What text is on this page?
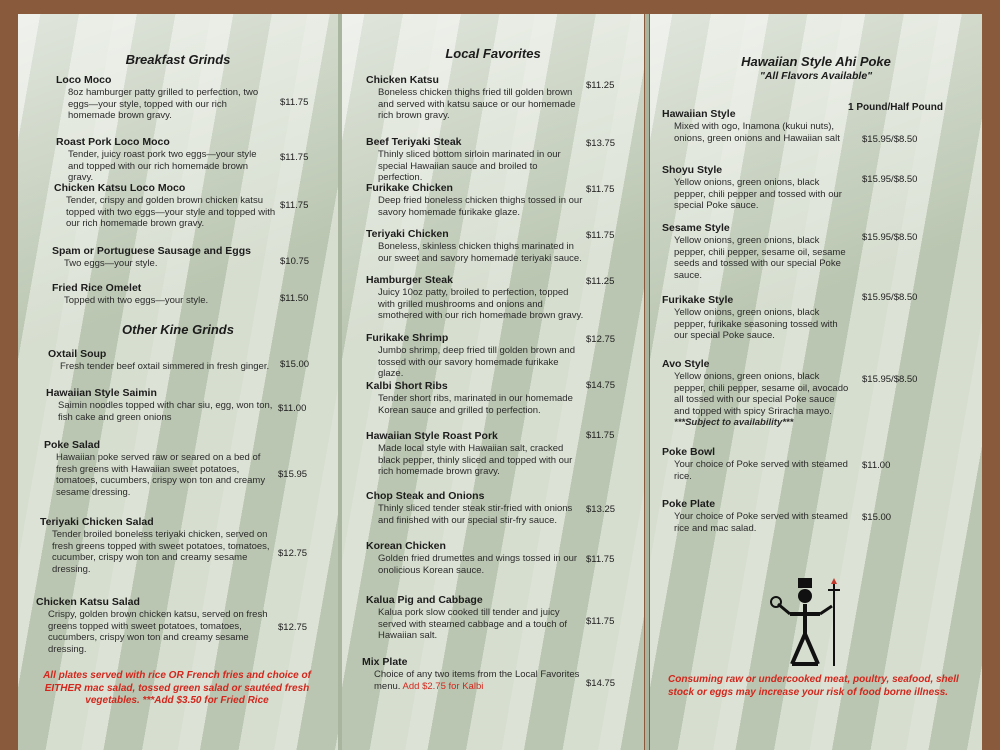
Breakfast Grinds
Loco Moco
8oz hamburger patty grilled to perfection, two eggs—your style, topped with our rich homemade brown gravy.
$11.75
Roast Pork Loco Moco
Tender, juicy roast pork two eggs—your style and topped with our rich homemade brown gravy.
$11.75
Chicken Katsu Loco Moco
Tender, crispy and golden brown chicken katsu topped with two eggs—your style and topped with our rich homemade brown gravy.
$11.75
Spam or Portuguese Sausage and Eggs
Two eggs—your style.	$10.75
Fried Rice Omelet
Topped with two eggs—your style.	$11.50
Other Kine Grinds
Oxtail Soup
Fresh tender beef oxtail simmered in fresh ginger.	$15.00
Hawaiian Style Saimin
Saimin noodles topped with char siu, egg, won ton, fish cake and green onions
$11.00
Poke Salad
Hawaiian poke served raw or seared on a bed of fresh greens with Hawaiian sweet potatoes, tomatoes, cucumbers, crispy won ton and creamy sesame dressing.
$15.95
Teriyaki Chicken Salad
Tender broiled boneless teriyaki chicken, served on fresh greens topped with sweet potatoes, tomatoes, cucumber, crispy won ton and creamy sesame dressing.
$12.75
Chicken Katsu Salad
Crispy, golden brown chicken katsu, served on fresh greens topped with sweet potatoes, tomatoes, cucumbers, crispy won ton and creamy sesame dressing.
$12.75
All plates served with rice OR French fries and choice of EITHER mac salad, tossed green salad or sautéed fresh vegetables. ***Add $3.50 for Fried Rice
Local Favorites
Chicken Katsu
Boneless chicken thighs fried till golden brown and served with katsu sauce or our homemade rich brown gravy.
$11.25
Beef Teriyaki Steak
Thinly sliced bottom sirloin marinated in our special Hawaiian sauce and broiled to perfection.
$13.75
Furikake Chicken
Deep fried boneless chicken thighs tossed in our savory homemade furikake glaze.
$11.75
Teriyaki Chicken
Boneless, skinless chicken thighs marinated in our sweet and savory homemade teriyaki sauce.
$11.75
Hamburger Steak
Juicy 10oz patty, broiled to perfection, topped with grilled mushrooms and onions and smothered with our rich homemade brown gravy.
$11.25
Furikake Shrimp
Jumbo shrimp, deep fried till golden brown and tossed with our savory homemade furikake glaze.
$12.75
Kalbi Short Ribs
Tender short ribs, marinated in our homemade Korean sauce and grilled to perfection.
$14.75
Hawaiian Style Roast Pork
Made local style with Hawaiian salt, cracked black pepper, thinly sliced and topped with our rich homemade brown gravy.
$11.75
Chop Steak and Onions
Thinly sliced tender steak stir-fried with onions and finished with our special stir-fry sauce.
$13.25
Korean Chicken
Golden fried drumettes and wings tossed in our onolicious Korean sauce.
$11.75
Kalua Pig and Cabbage
Kalua pork slow cooked till tender and juicy served with steamed cabbage and a touch of Hawaiian salt.
$11.75
Mix Plate
Choice of any two items from the Local Favorites menu. Add $2.75 for Kalbi	$14.75
Hawaiian Style Ahi Poke
"All Flavors Available"
1 Pound/Half Pound
Hawaiian Style
Mixed with ogo, Inamona (kukui nuts), onions, green onions and Hawaiian salt	$15.95/$8.50
Shoyu Style
Yellow onions, green onions, black pepper, chili pepper and tossed with our special Poke sauce.
$15.95/$8.50
Sesame Style
Yellow onions, green onions, black pepper, chili pepper, sesame oil, sesame seeds and tossed with our special Poke sauce.
$15.95/$8.50
Furikake Style
Yellow onions, green onions, black pepper, furikake seasoning tossed with our special Poke sauce.
$15.95/$8.50
Avo Style
Yellow onions, green onions, black pepper, chili pepper, sesame oil, avocado all tossed with our special Poke sauce and topped with spicy Sriracha mayo. ***Subject to availability***
$15.95/$8.50
Poke Bowl
Your choice of Poke served with steamed rice.
$11.00
Poke Plate
Your choice of Poke served with steamed rice and mac salad.
$15.00
Consuming raw or undercooked meat, poultry, seafood, shell stock or eggs may increase your risk of food borne illness.
